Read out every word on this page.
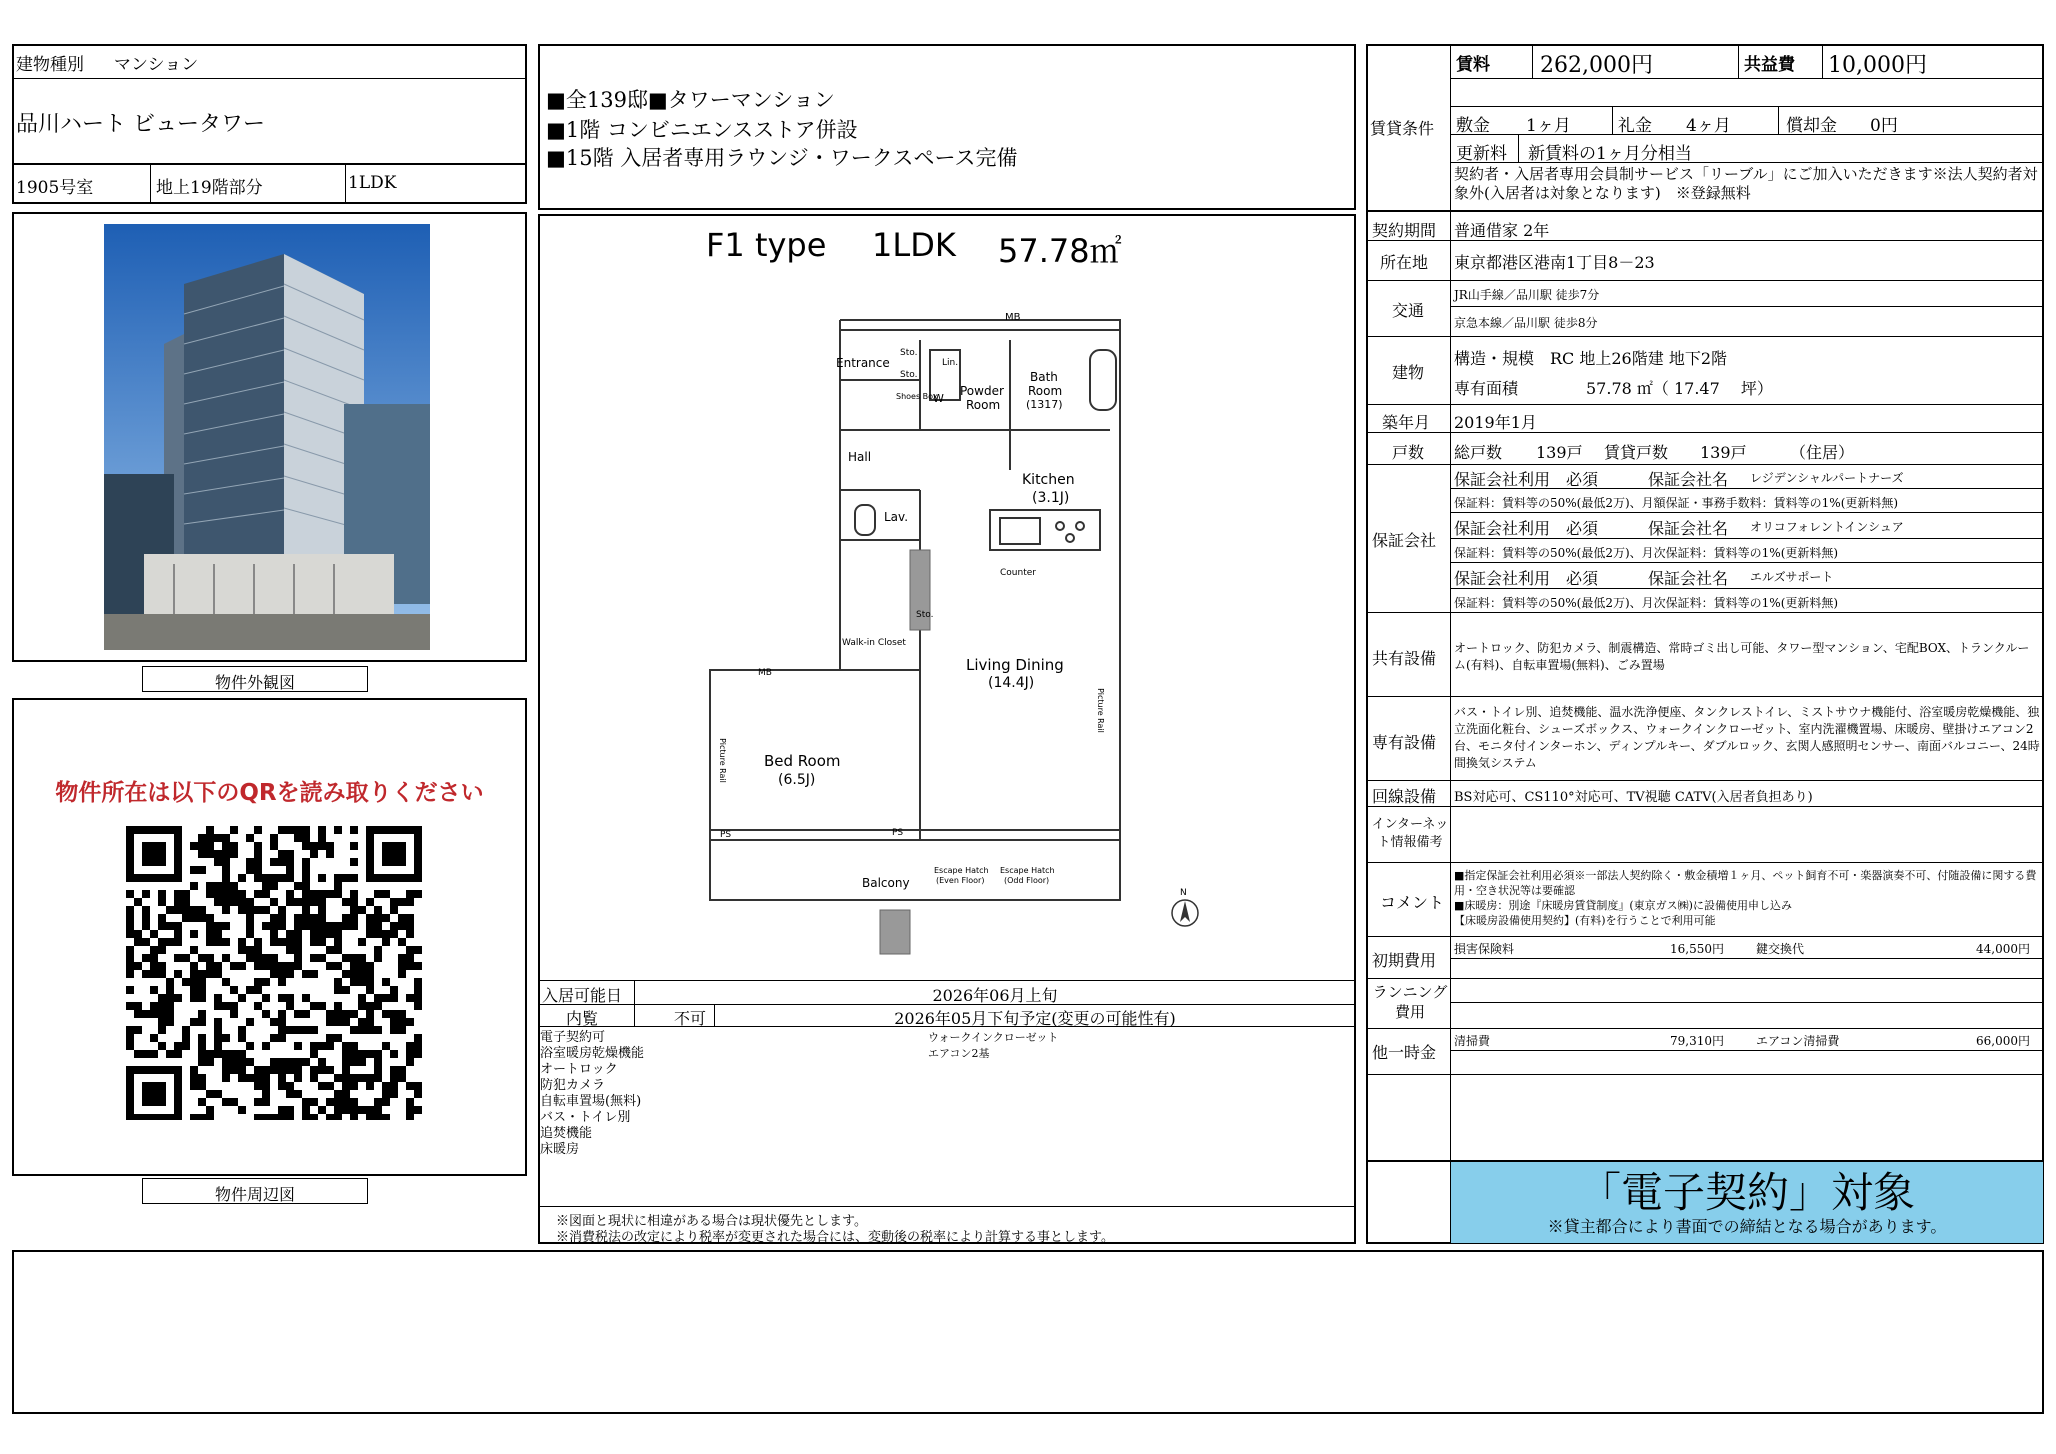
建物種別 マンション
品川ハート ビュータワー
1905号室	地上19階部分	1LDK
物件外観図
物件所在は以下のQRを読み取りください
物件周辺図
■全139邸■タワーマンション
■1階 コンビニエンスストア併設
■15階 入居者専用ラウンジ・ワークスペース完備
F1 type 1LDK 57.78㎡
MB
Entrance
Sto.
Sto.
Lin.
Shoes Box
W
Powder
Room
Bath
Room
(1317)
Hall
Lav.
Kitchen
(3.1J)
Counter
Sto.
Walk-in Closet
Living Dining
(14.4J)
MB
Picture Rail
Picture Rail
Bed Room
(6.5J)
PS	PS
Balcony
Escape Hatch
(Even Floor)
Escape Hatch
(Odd Floor)
N
入居可能日	2026年06月上旬
内覧	不可	2026年05月下旬予定(変更の可能性有)
電子契約可
浴室暖房乾燥機能
オートロック
防犯カメラ
自転車置場(無料)
バス・トイレ別
追焚機能
床暖房
ウォークインクローゼット
エアコン2基
※図面と現状に相違がある場合は現状優先とします。
※消費税法の改定により税率が変更された場合には、変動後の税率により計算する事とします。
賃貸条件
賃料 262,000円	共益費 10,000円
敷金 1ヶ月	礼金 4ヶ月	償却金 0円
更新料 新賃料の1ヶ月分相当
契約者・入居者専用会員制サービス「リーブル」にご加入いただきます※法人契約者対象外(入居者は対象となります)　※登録無料
契約期間 普通借家 2年
所在地 東京都港区港南1丁目8－23
交通
JR山手線／品川駅 徒歩7分
京急本線／品川駅 徒歩8分
建物
構造・規模 RC 地上26階建 地下2階
専有面積	57.78 ㎡（ 17.47　 坪）
築年月 2019年1月
戸数 総戸数 139戸 賃貸戸数 139戸	（住居）
保証会社
保証会社利用　必須	保証会社名 レジデンシャルパートナーズ
保証料：賃料等の50%(最低2万)、月額保証・事務手数料：賃料等の1%(更新料無)
保証会社利用　必須	保証会社名 オリコフォレントインシュア
保証料：賃料等の50%(最低2万)、月次保証料：賃料等の1%(更新料無)
保証会社利用　必須	保証会社名 エルズサポート
保証料：賃料等の50%(最低2万)、月次保証料：賃料等の1%(更新料無)
共有設備
オートロック、防犯カメラ、制震構造、常時ゴミ出し可能、タワー型マンション、宅配BOX、トランクルーム(有料)、自転車置場(無料)、ごみ置場
専有設備
バス・トイレ別、追焚機能、温水洗浄便座、タンクレストイレ、ミストサウナ機能付、浴室暖房乾燥機能、独立洗面化粧台、シューズボックス、ウォークインクローゼット、室内洗濯機置場、床暖房、壁掛けエアコン2台、モニタ付インターホン、ディンプルキー、ダブルロック、玄関人感照明センサー、南面バルコニー、24時間換気システム
回線設備 BS対応可、CS110°対応可、TV視聴 CATV(入居者負担あり)
インターネット情報備考
コメント
■指定保証会社利用必須※一部法人契約除く・敷金積増１ヶ月、ペット飼育不可・楽器演奏不可、付随設備に関する費用・空き状況等は要確認
■床暖房：別途『床暖房賃貸制度』(東京ガス㈱)に設備使用申し込み
【床暖房設備使用契約】(有料)を行うことで利用可能
初期費用
損害保険料	16,550円	鍵交換代	44,000円
ランニング費用
他一時金
清掃費	79,310円	エアコン清掃費	66,000円
「電子契約」対象
※貸主都合により書面での締結となる場合があります。
